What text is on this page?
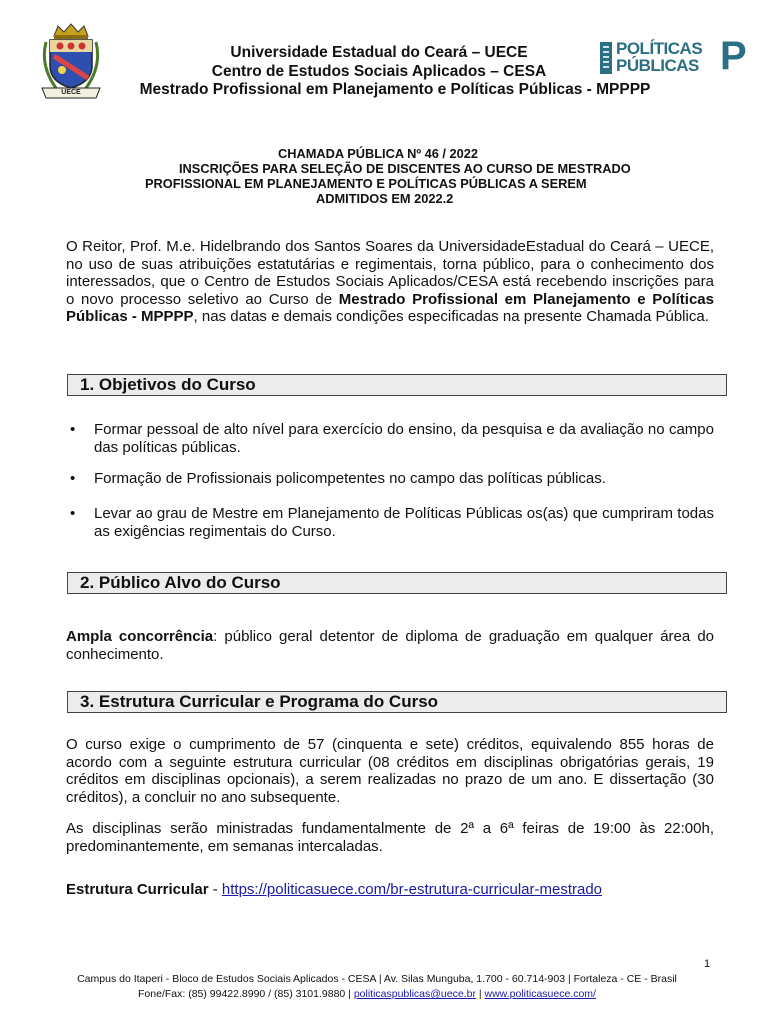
UECE
POLÍTICAS
PÚBLICAS P
Universidade Estadual do Ceará – UECE
Centro de Estudos Sociais Aplicados – CESA
Mestrado Profissional em Planejamento e Políticas Públicas - MPPPP
CHAMADA PÚBLICA Nº 46 / 2022
INSCRIÇÕES PARA SELEÇÃO DE DISCENTES AO CURSO DE MESTRADO
PROFISSIONAL EM PLANEJAMENTO E POLÍTICAS PÚBLICAS A SEREM
ADMITIDOS EM 2022.2
O Reitor, Prof. M.e. Hidelbrando dos Santos Soares da UniversidadeEstadual do Ceará – UECE, no uso de suas atribuições estatutárias e regimentais, torna público, para o conhecimento dos interessados, que o Centro de Estudos Sociais Aplicados/CESA está recebendo inscrições para o novo processo seletivo ao Curso de Mestrado Profissional em Planejamento e Políticas Públicas - MPPPP, nas datas e demais condições especificadas na presente Chamada Pública.
1. Objetivos do Curso
• Formar pessoal de alto nível para exercício do ensino, da pesquisa e da avaliação no campo das políticas públicas.
• Formação de Profissionais policompetentes no campo das políticas públicas.
• Levar ao grau de Mestre em Planejamento de Políticas Públicas os(as) que cumpriram todas as exigências regimentais do Curso.
2. Público Alvo do Curso
Ampla concorrência: público geral detentor de diploma de graduação em qualquer área do conhecimento.
3. Estrutura Curricular e Programa do Curso
O curso exige o cumprimento de 57 (cinquenta e sete) créditos, equivalendo 855 horas de acordo com a seguinte estrutura curricular (08 créditos em disciplinas obrigatórias gerais, 19 créditos em disciplinas opcionais), a serem realizadas no prazo de um ano. E dissertação (30 créditos), a concluir no ano subsequente.
As disciplinas serão ministradas fundamentalmente de 2ª a 6ª feiras de 19:00 às 22:00h, predominantemente, em semanas intercaladas.
Estrutura Curricular - https://politicasuece.com/br-estrutura-curricular-mestrado
1
Campus do Itaperi - Bloco de Estudos Sociais Aplicados - CESA | Av. Silas Munguba, 1.700 - 60.714-903 | Fortaleza - CE - Brasil
Fone/Fax: (85) 99422.8990 / (85) 3101.9880 | politicaspublicas@uece.br | www.politicasuece.com/
